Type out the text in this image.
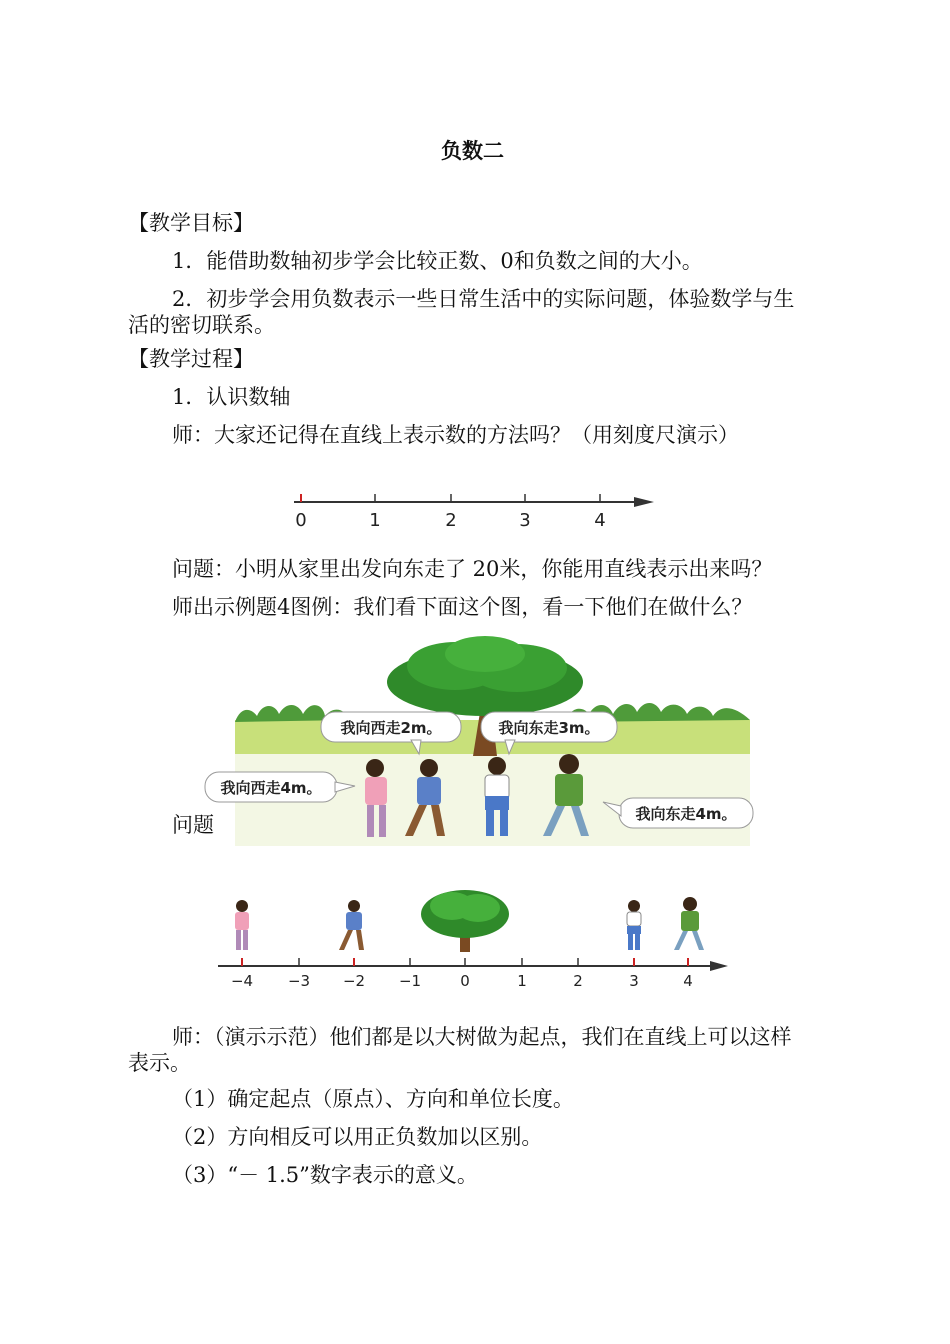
负数二
【教学目标】
1．能借助数轴初步学会比较正数、0和负数之间的大小。
2．初步学会用负数表示一些日常生活中的实际问题，体验数学与生
活的密切联系。
【教学过程】
1．认识数轴
师：大家还记得在直线上表示数的方法吗？（用刻度尺演示）
0	1	2	3	4
问题：小明从家里出发向东走了 20米，你能用直线表示出来吗？
师出示例题4图例：我们看下面这个图，看一下他们在做什么？
问题
我向西走2m。	我向东走3m。
我向西走4m。
我向东走4m。
−4 −3 −2 −1	0	1	2	3	4
师：（演示示范）他们都是以大树做为起点，我们在直线上可以这样
表示。
（1）确定起点（原点）、方向和单位长度。
（2）方向相反可以用正负数加以区别。
（3）“－ 1.5”数字表示的意义。
